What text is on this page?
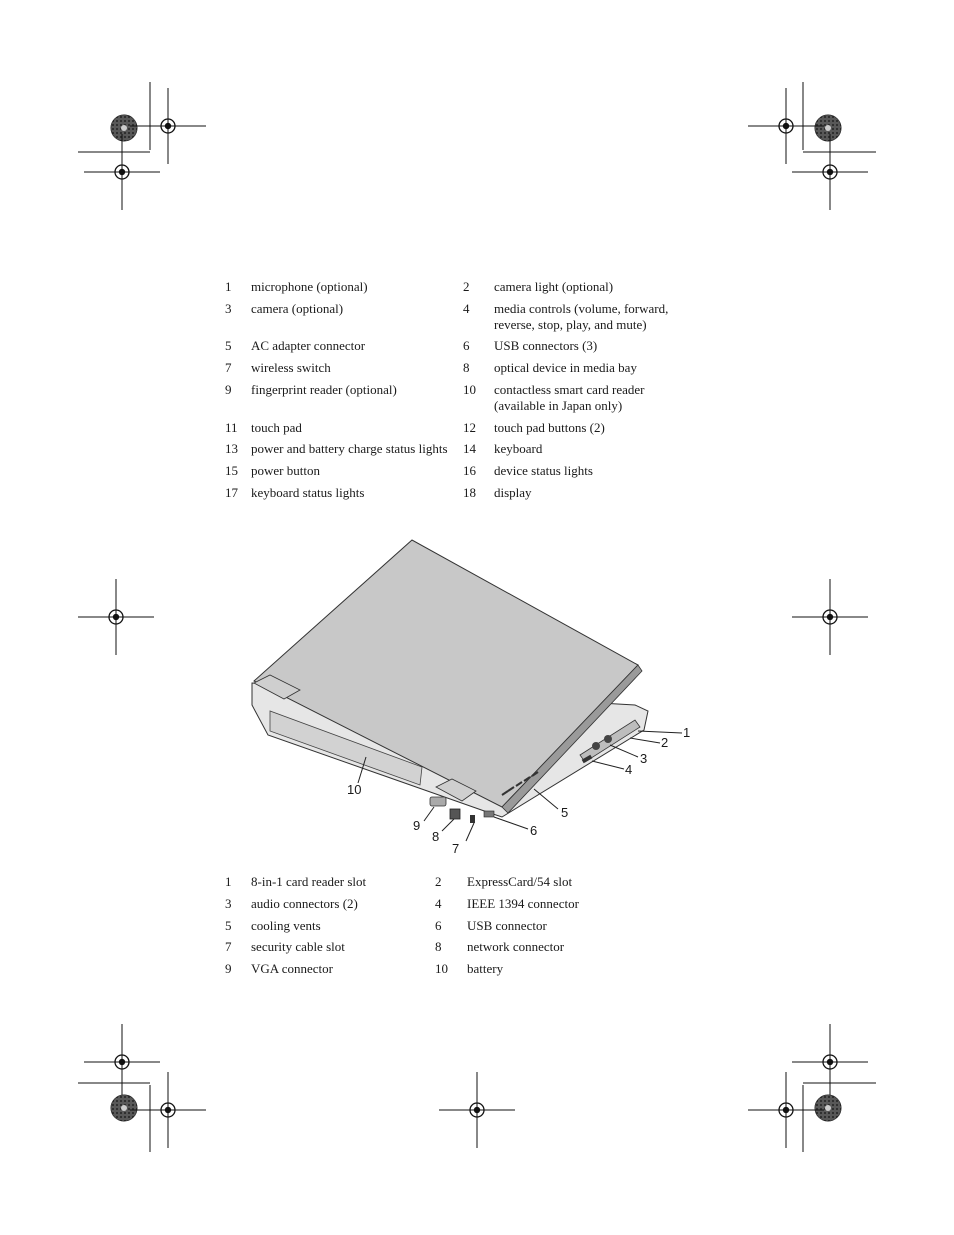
1 microphone (optional)	2 camera light (optional)
3 camera (optional)	4 media controls (volume, forward, reverse, stop, play, and mute)
5 AC adapter connector	6 USB connectors (3)
7 wireless switch	8 optical device in media bay
9 fingerprint reader (optional)	10 contactless smart card reader (available in Japan only)
11 touch pad	12 touch pad buttons (2)
13 power and battery charge status lights	14 keyboard
15 power button	16 device status lights
17 keyboard status lights	18 display
1
2
3
4
5
6
7
8
9
10
1 8-in-1 card reader slot	2 ExpressCard/54 slot
3 audio connectors (2)	4 IEEE 1394 connector
5 cooling vents	6 USB connector
7 security cable slot	8 network connector
9 VGA connector	10 battery
